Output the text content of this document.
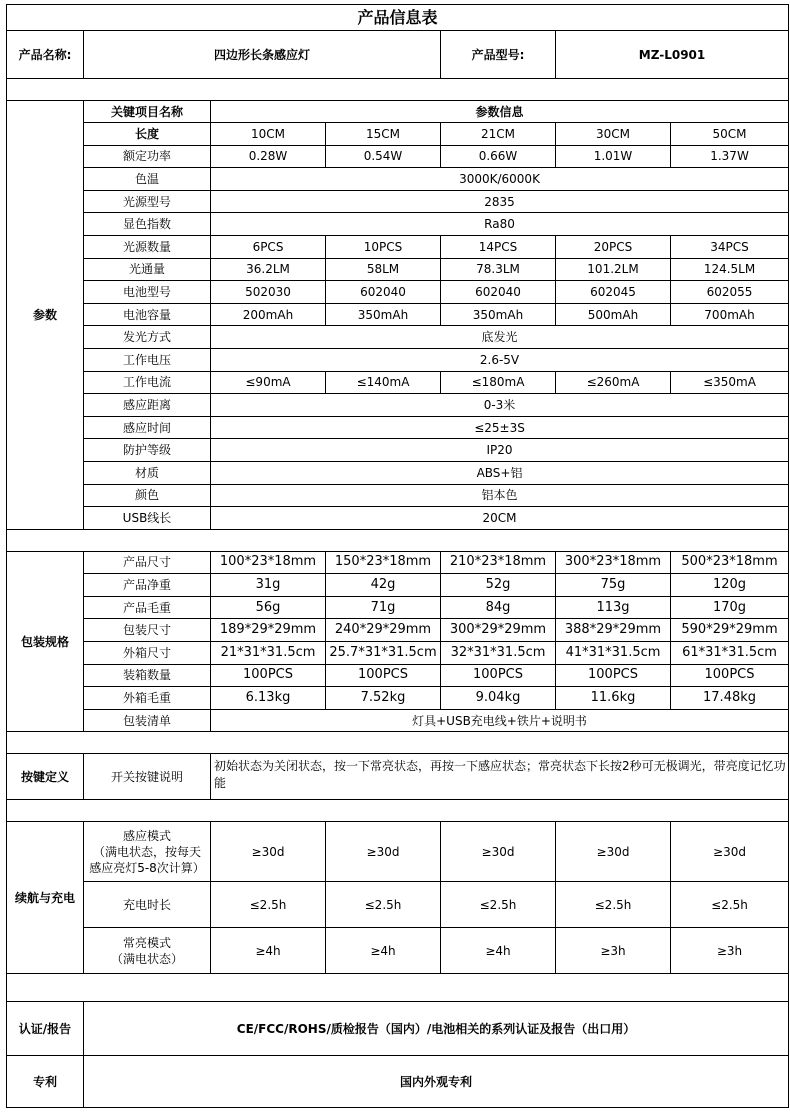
产品信息表						
产品名称:	四边形长条感应灯			产品型号:	MZ-L0901	

参数	关键项目名称	参数信息				
	长度	10CM	15CM	21CM	30CM	50CM
	额定功率	0.28W	0.54W	0.66W	1.01W	1.37W
	色温	3000K/6000K				
	光源型号	2835				
	显色指数	Ra80				
	光源数量	6PCS	10PCS	14PCS	20PCS	34PCS
	光通量	36.2LM	58LM	78.3LM	101.2LM	124.5LM
	电池型号	502030	602040	602040	602045	602055
	电池容量	200mAh	350mAh	350mAh	500mAh	700mAh
	发光方式	底发光				
	工作电压	2.6-5V				
	工作电流	≤90mA	≤140mA	≤180mA	≤260mA	≤350mA
	感应距离	0-3米				
	感应时间	≤25±3S				
	防护等级	IP20				
	材质	ABS+铝				
	颜色	铝本色				
	USB线长	20CM				

包装规格	产品尺寸	100*23*18mm	150*23*18mm	210*23*18mm	300*23*18mm	500*23*18mm
	产品净重	31g	42g	52g	75g	120g
	产品毛重	56g	71g	84g	113g	170g
	包装尺寸	189*29*29mm	240*29*29mm	300*29*29mm	388*29*29mm	590*29*29mm
	外箱尺寸	21*31*31.5cm	25.7*31*31.5cm	32*31*31.5cm	41*31*31.5cm	61*31*31.5cm
	装箱数量	100PCS	100PCS	100PCS	100PCS	100PCS
	外箱毛重	6.13kg	7.52kg	9.04kg	11.6kg	17.48kg
	包装清单	灯具+USB充电线+铁片+说明书				

按键定义	开关按键说明	初始状态为关闭状态，按一下常亮状态，再按一下感应状态；常亮状态下长按2秒可无极调光，带亮度记忆功能				

续航与充电	感应模式
（满电状态，按每天
感应亮灯5-8次计算）	≥30d	≥30d	≥30d	≥30d	≥30d

	充电时长	≤2.5h	≤2.5h	≤2.5h	≤2.5h	≤2.5h

	常亮模式
（满电状态）	≥4h	≥4h	≥4h	≥3h	≥3h

认证/报告	CE/FCC/ROHS/质检报告（国内）/电池相关的系列认证及报告（出口用）					
专利	国内外观专利					
